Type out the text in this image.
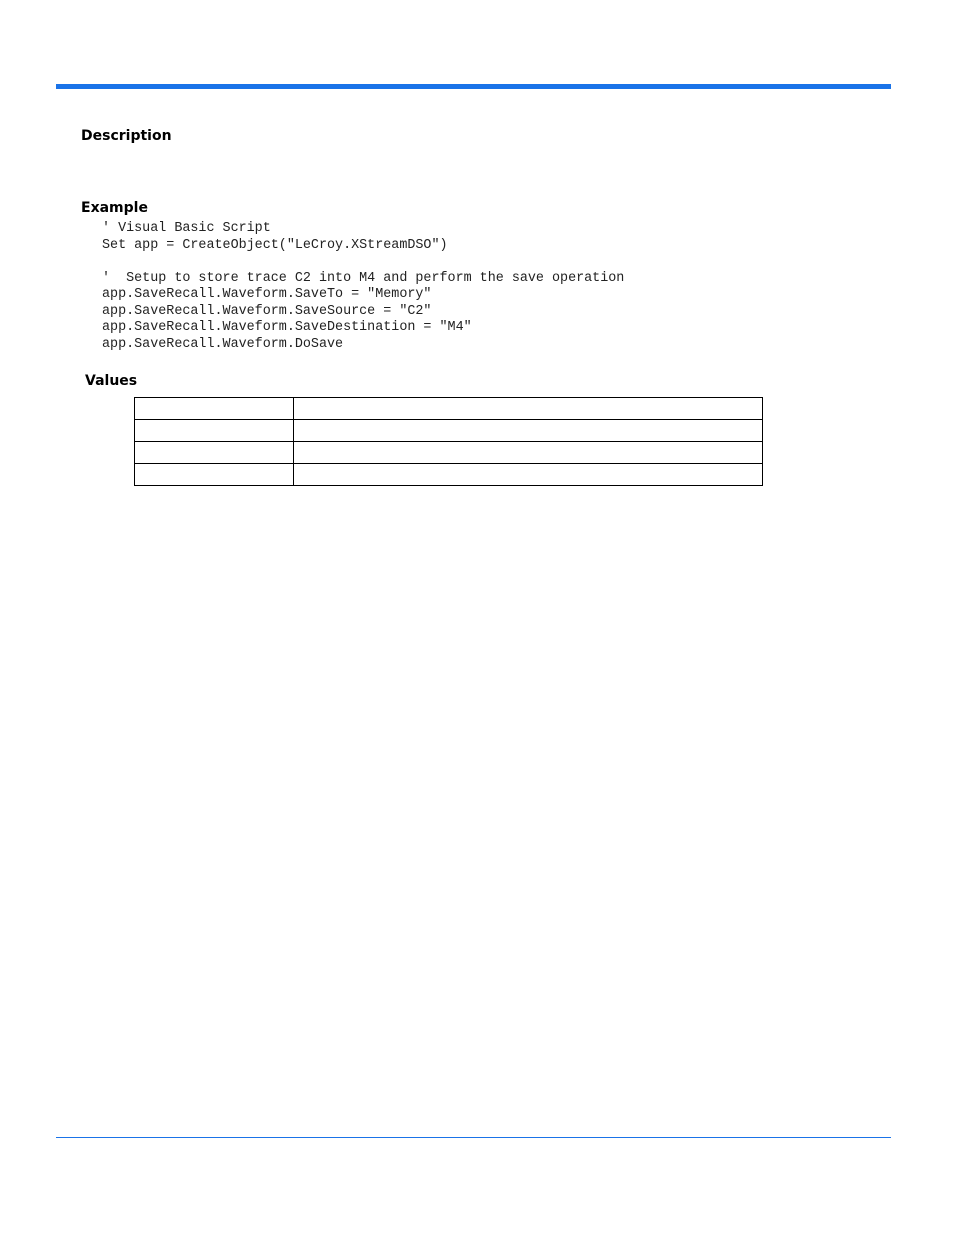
Description
Example
' Visual Basic Script
Set app = CreateObject("LeCroy.XStreamDSO")
'  Setup to store trace C2 into M4 and perform the save operation
app.SaveRecall.Waveform.SaveTo = "Memory"
app.SaveRecall.Waveform.SaveSource = "C2"
app.SaveRecall.Waveform.SaveDestination = "M4"
app.SaveRecall.Waveform.DoSave
Values
